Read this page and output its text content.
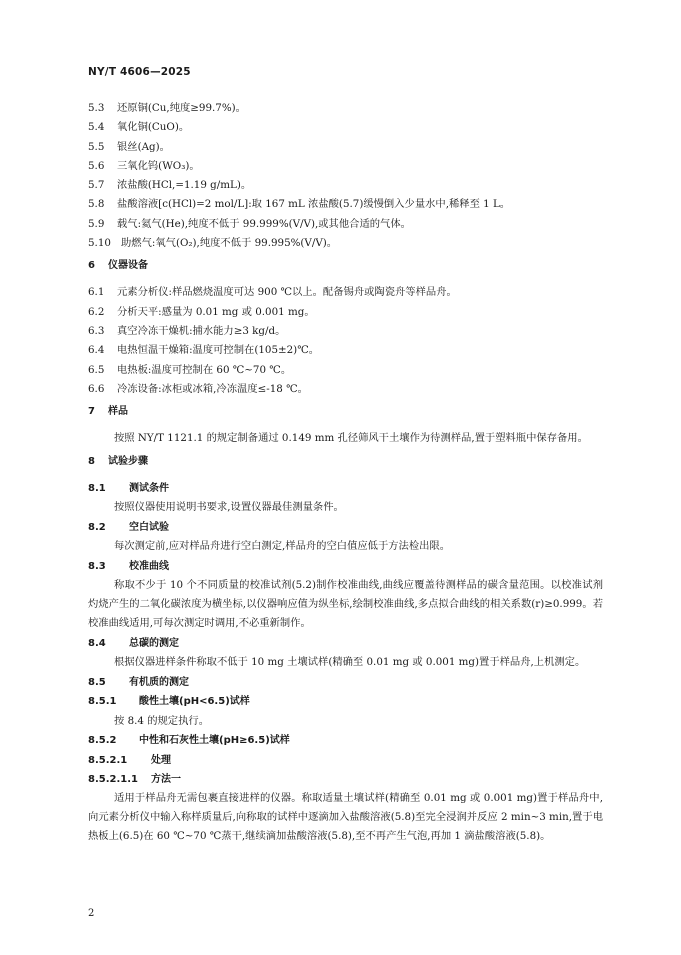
NY/T 4606—2025
5.3 还原铜(Cu,纯度≥99.7%)。
5.4 氧化铜(CuO)。
5.5 银丝(Ag)。
5.6 三氧化钨(WO₃)。
5.7 浓盐酸(HCl,=1.19 g/mL)。
5.8 盐酸溶液[c(HCl)=2 mol/L]:取 167 mL 浓盐酸(5.7)缓慢倒入少量水中,稀释至 1 L。
5.9 载气:氦气(He),纯度不低于 99.999%(V/V),或其他合适的气体。
5.10 助燃气:氧气(O₂),纯度不低于 99.995%(V/V)。
6 仪器设备
6.1 元素分析仪:样品燃烧温度可达 900 ℃以上。配备锡舟或陶瓷舟等样品舟。
6.2 分析天平:感量为 0.01 mg 或 0.001 mg。
6.3 真空冷冻干燥机:捕水能力≥3 kg/d。
6.4 电热恒温干燥箱:温度可控制在(105±2)℃。
6.5 电热板:温度可控制在 60 ℃~70 ℃。
6.6 冷冻设备:冰柜或冰箱,冷冻温度≤-18 ℃。
7 样品
按照 NY/T 1121.1 的规定制备通过 0.149 mm 孔径筛风干土壤作为待测样品,置于塑料瓶中保存备用。
8 试验步骤
8.1 测试条件
按照仪器使用说明书要求,设置仪器最佳测量条件。
8.2 空白试验
每次测定前,应对样品舟进行空白测定,样品舟的空白值应低于方法检出限。
8.3 校准曲线
称取不少于 10 个不同质量的校准试剂(5.2)制作校准曲线,曲线应覆盖待测样品的碳含量范围。以校准试剂灼烧产生的二氧化碳浓度为横坐标,以仪器响应值为纵坐标,绘制校准曲线,多点拟合曲线的相关系数(r)≥0.999。若校准曲线适用,可每次测定时调用,不必重新制作。
8.4 总碳的测定
根据仪器进样条件称取不低于 10 mg 土壤试样(精确至 0.01 mg 或 0.001 mg)置于样品舟,上机测定。
8.5 有机质的测定
8.5.1 酸性土壤(pH<6.5)试样
按 8.4 的规定执行。
8.5.2 中性和石灰性土壤(pH≥6.5)试样
8.5.2.1 处理
8.5.2.1.1 方法一
适用于样品舟无需包裹直接进样的仪器。称取适量土壤试样(精确至 0.01 mg 或 0.001 mg)置于样品舟中,向元素分析仪中输入称样质量后,向称取的试样中逐滴加入盐酸溶液(5.8)至完全浸润并反应 2 min~3 min,置于电热板上(6.5)在 60 ℃~70 ℃蒸干,继续滴加盐酸溶液(5.8),至不再产生气泡,再加 1 滴盐酸溶液(5.8)。
2
